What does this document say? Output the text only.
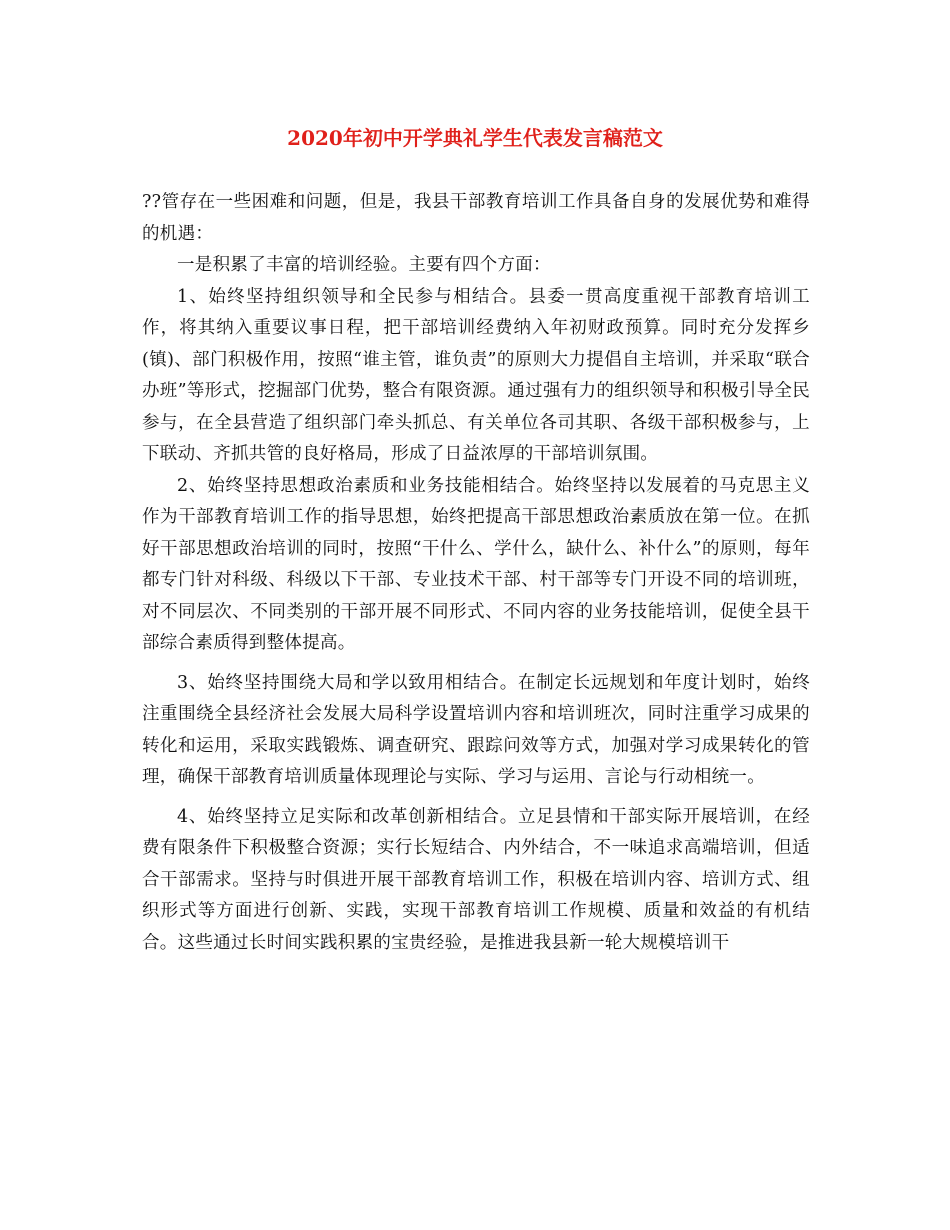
2020年初中开学典礼学生代表发言稿范文

??管存在一些困难和问题，但是，我县干部教育培训工作具备自身的发展优势和难得的机遇：

一是积累了丰富的培训经验。主要有四个方面：

1、始终坚持组织领导和全民参与相结合。县委一贯高度重视干部教育培训工作，将其纳入重要议事日程，把干部培训经费纳入年初财政预算。同时充分发挥乡(镇)、部门积极作用，按照“谁主管，谁负责”的原则大力提倡自主培训，并采取“联合办班”等形式，挖掘部门优势，整合有限资源。通过强有力的组织领导和积极引导全民参与，在全县营造了组织部门牵头抓总、有关单位各司其职、各级干部积极参与，上下联动、齐抓共管的良好格局，形成了日益浓厚的干部培训氛围。

2、始终坚持思想政治素质和业务技能相结合。始终坚持以发展着的马克思主义作为干部教育培训工作的指导思想，始终把提高干部思想政治素质放在第一位。在抓好干部思想政治培训的同时，按照“干什么、学什么，缺什么、补什么”的原则，每年都专门针对科级、科级以下干部、专业技术干部、村干部等专门开设不同的培训班，对不同层次、不同类别的干部开展不同形式、不同内容的业务技能培训，促使全县干部综合素质得到整体提高。

3、始终坚持围绕大局和学以致用相结合。在制定长远规划和年度计划时，始终注重围绕全县经济社会发展大局科学设置培训内容和培训班次，同时注重学习成果的转化和运用，采取实践锻炼、调查研究、跟踪问效等方式，加强对学习成果转化的管理，确保干部教育培训质量体现理论与实际、学习与运用、言论与行动相统一。

4、始终坚持立足实际和改革创新相结合。立足县情和干部实际开展培训，在经费有限条件下积极整合资源；实行长短结合、内外结合，不一味追求高端培训，但适合干部需求。坚持与时俱进开展干部教育培训工作，积极在培训内容、培训方式、组织形式等方面进行创新、实践，实现干部教育培训工作规模、质量和效益的有机结合。这些通过长时间实践积累的宝贵经验，是推进我县新一轮大规模培训干
